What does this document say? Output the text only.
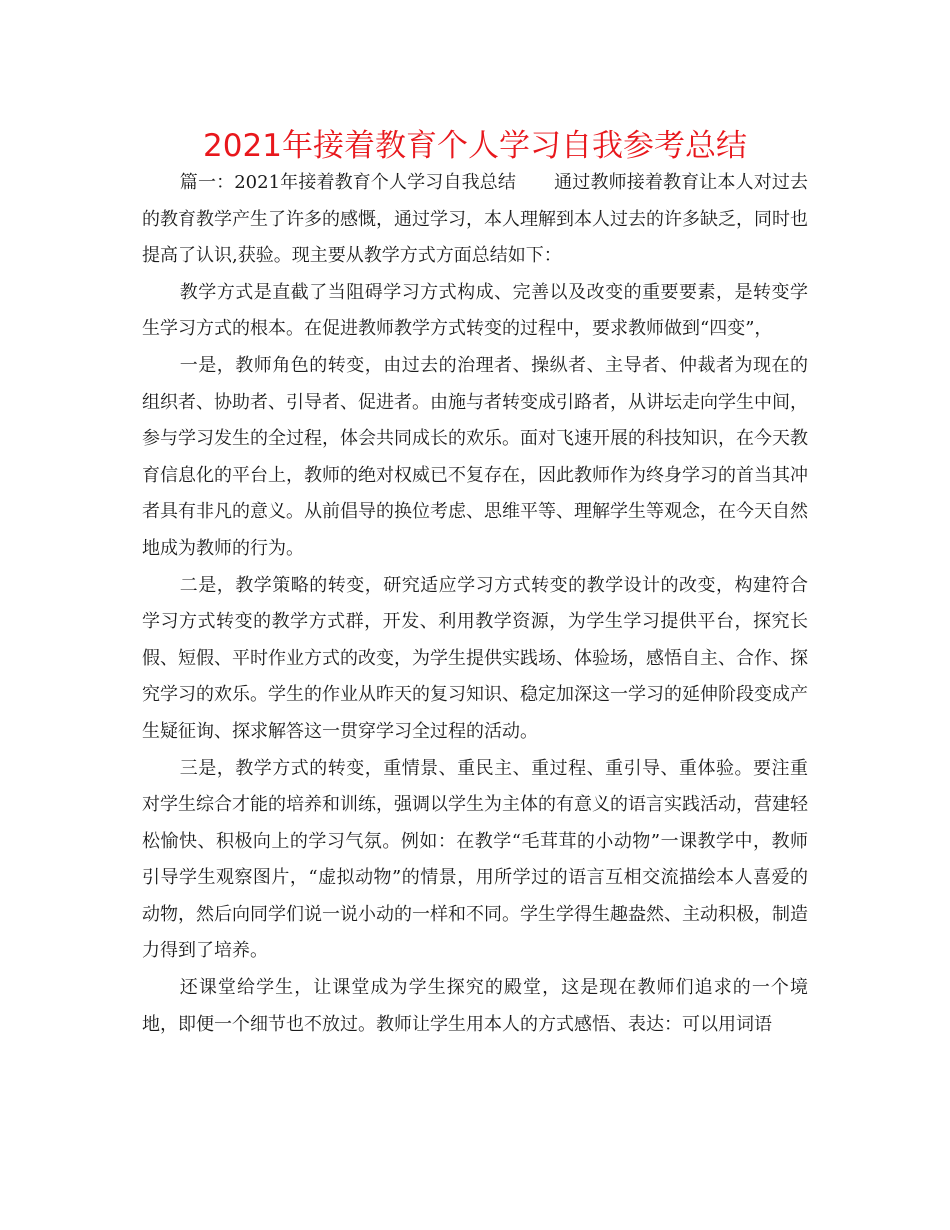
2021年接着教育个人学习自我参考总结

篇一：2021年接着教育个人学习自我总结 通过教师接着教育让本人对过去的教育教学产生了许多的感慨，通过学习，本人理解到本人过去的许多缺乏，同时也提高了认识,获验。现主要从教学方式方面总结如下：

教学方式是直截了当阻碍学习方式构成、完善以及改变的重要要素，是转变学生学习方式的根本。在促进教师教学方式转变的过程中，要求教师做到“四变”，

一是，教师角色的转变，由过去的治理者、操纵者、主导者、仲裁者为现在的组织者、协助者、引导者、促进者。由施与者转变成引路者，从讲坛走向学生中间，参与学习发生的全过程，体会共同成长的欢乐。面对飞速开展的科技知识，在今天教育信息化的平台上，教师的绝对权威已不复存在，因此教师作为终身学习的首当其冲者具有非凡的意义。从前倡导的换位考虑、思维平等、理解学生等观念，在今天自然地成为教师的行为。

二是，教学策略的转变，研究适应学习方式转变的教学设计的改变，构建符合学习方式转变的教学方式群，开发、利用教学资源，为学生学习提供平台，探究长假、短假、平时作业方式的改变，为学生提供实践场、体验场，感悟自主、合作、探究学习的欢乐。学生的作业从昨天的复习知识、稳定加深这一学习的延伸阶段变成产生疑征询、探求解答这一贯穿学习全过程的活动。

三是，教学方式的转变，重情景、重民主、重过程、重引导、重体验。要注重对学生综合才能的培养和训练，强调以学生为主体的有意义的语言实践活动，营建轻松愉快、积极向上的学习气氛。例如：在教学“毛茸茸的小动物”一课教学中，教师引导学生观察图片，“虚拟动物”的情景，用所学过的语言互相交流描绘本人喜爱的动物，然后向同学们说一说小动的一样和不同。学生学得生趣盎然、主动积极，制造力得到了培养。

还课堂给学生，让课堂成为学生探究的殿堂，这是现在教师们追求的一个境地，即便一个细节也不放过。教师让学生用本人的方式感悟、表达：可以用词语
